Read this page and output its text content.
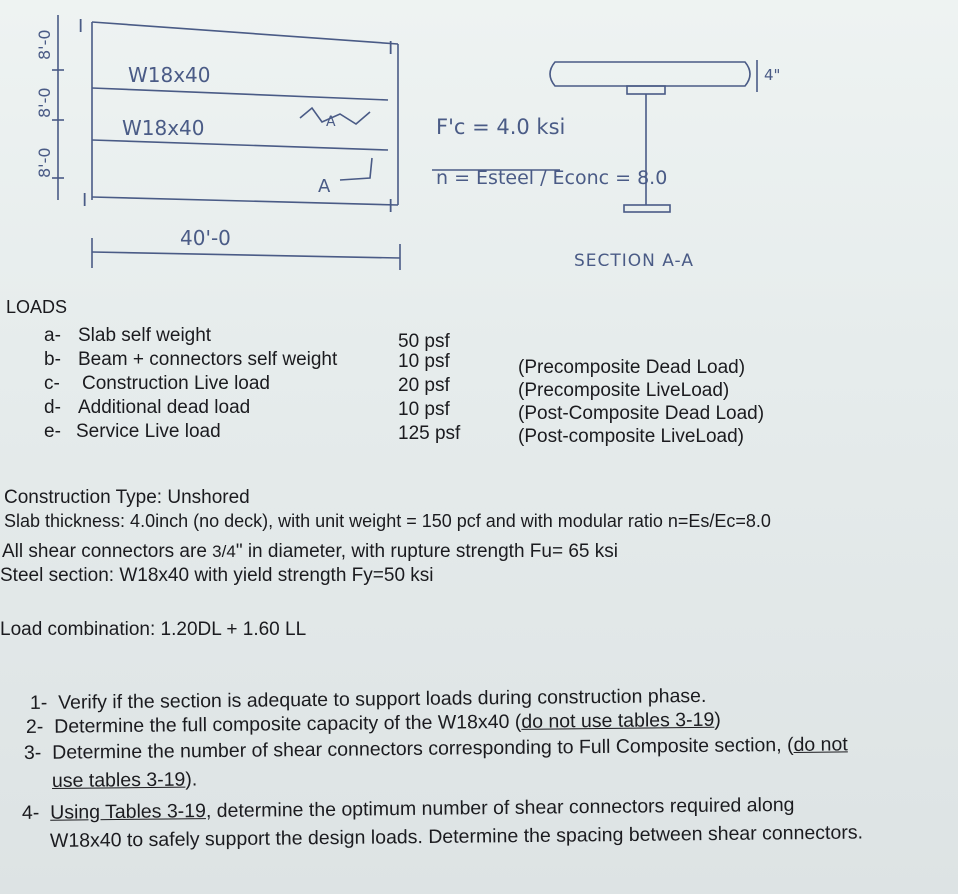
I
I
I	I
W18x40
W18x40
40'-0
A
A
8'-0
8'-0
8'-0
F'c = 4.0 ksi
n = Esteel / Econc = 8.0
SECTION A-A
4"
LOADS
a- Slab self weight	50 psf
b- Beam + connectors self weight	10 psf	(Precomposite Dead Load)
c- Construction Live load	20 psf	(Precomposite LiveLoad)
d- Additional dead load	10 psf	(Post-Composite Dead Load)
e- Service Live load	125 psf	(Post-composite LiveLoad)
Construction Type: Unshored
Slab thickness: 4.0inch (no deck), with unit weight = 150 pcf and with modular ratio n=Es/Ec=8.0
All shear connectors are 3/4" in diameter, with rupture strength Fu= 65 ksi
Steel section: W18x40 with yield strength Fy=50 ksi
Load combination: 1.20DL + 1.60 LL
1- Verify if the section is adequate to support loads during construction phase.
2- Determine the full composite capacity of the W18x40 (do not use tables 3-19)
3- Determine the number of shear connectors corresponding to Full Composite section, (do not
use tables 3-19).
4- Using Tables 3-19, determine the optimum number of shear connectors required along
W18x40 to safely support the design loads. Determine the spacing between shear connectors.
